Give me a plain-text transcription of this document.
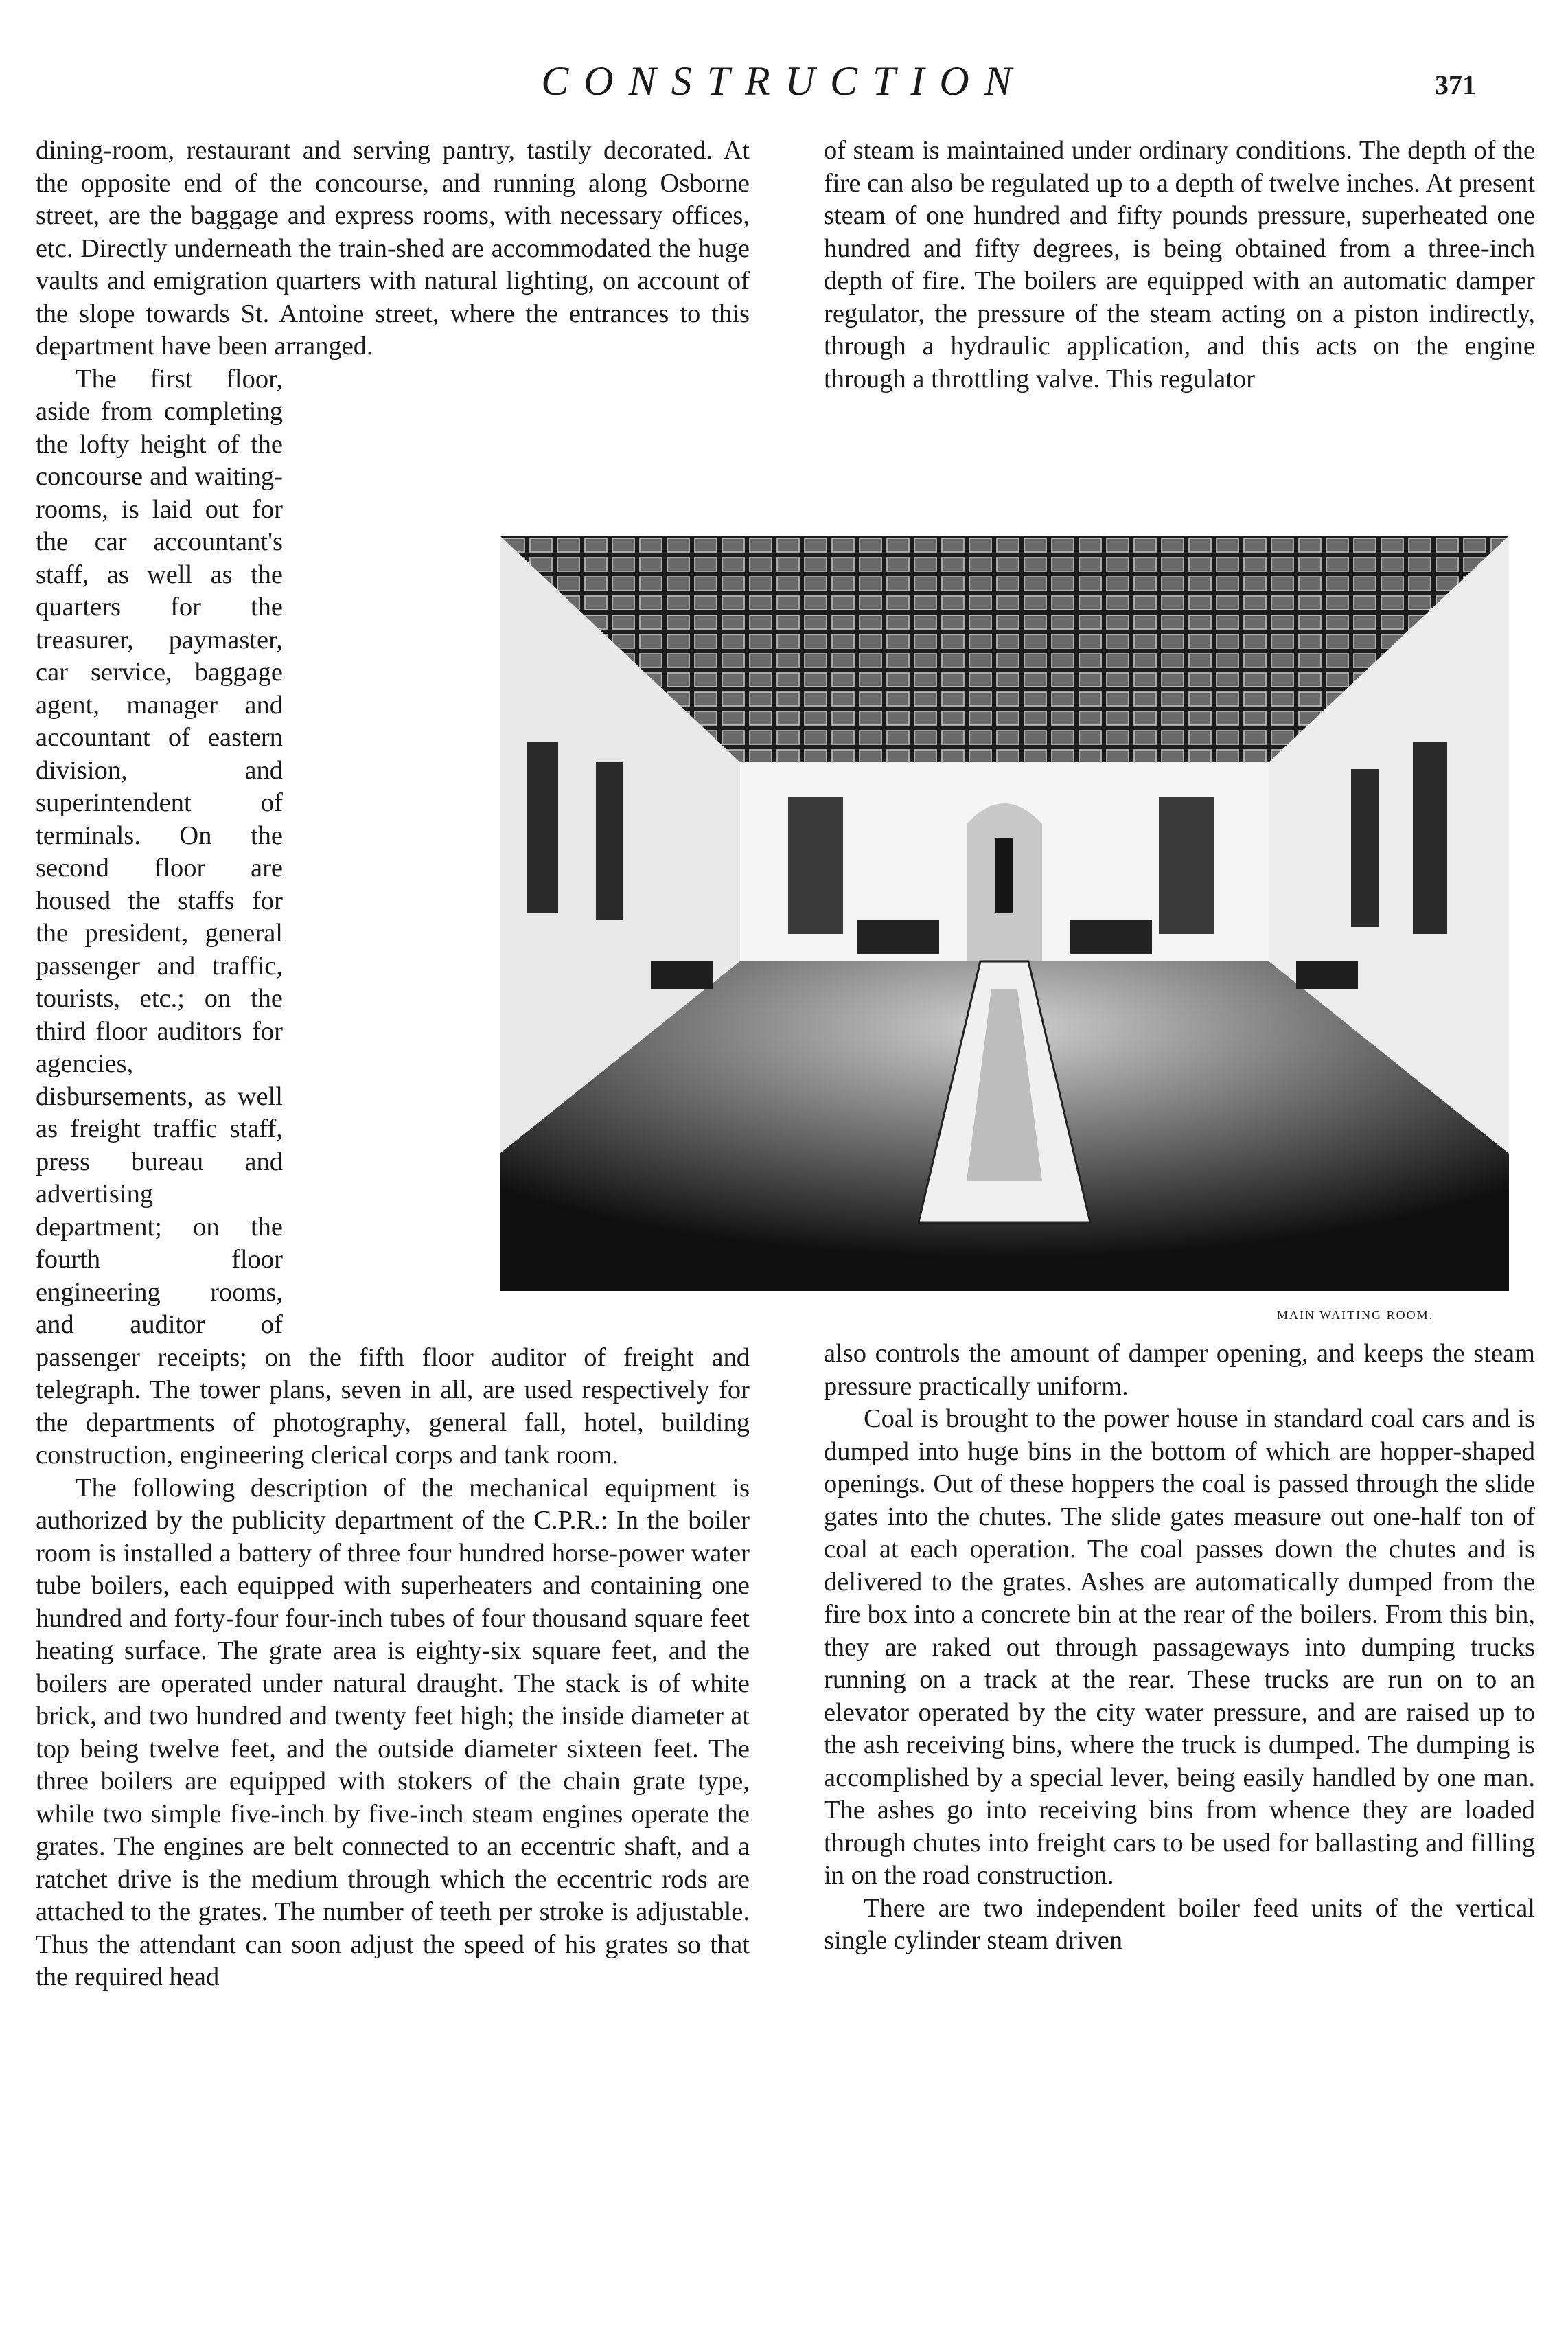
CONSTRUCTION	371

dining-room, restaurant and serving pantry, tastily decorated. At the opposite end of the concourse, and running along Osborne street, are the baggage and express rooms, with necessary offices, etc. Directly underneath the train-shed are accommodated the huge vaults and emigration quarters with natural lighting, on account of the slope towards St. Antoine street, where the entrances to this department have been arranged.

The first floor, aside from completing the lofty height of the concourse and waiting-rooms, is laid out for the car accountant's staff, as well as the quarters for the treasurer, paymaster, car service, baggage agent, manager and accountant of eastern division, and superintendent of terminals. On the second floor are housed the staffs for the president, general passenger and traffic, tourists, etc.; on the third floor auditors for agencies, disbursements, as well as freight traffic staff, press bureau and advertising department; on the fourth floor engineering rooms, and auditor of passenger receipts; on the fifth floor auditor of freight and telegraph. The tower plans, seven in all, are used respectively for the departments of photography, general fall, hotel, building construction, engineering clerical corps and tank room.

The following description of the mechanical equipment is authorized by the publicity department of the C.P.R.: In the boiler room is installed a battery of three four hundred horse-power water tube boilers, each equipped with superheaters and containing one hundred and forty-four four-inch tubes of four thousand square feet heating surface. The grate area is eighty-six square feet, and the boilers are operated under natural draught. The stack is of white brick, and two hundred and twenty feet high; the inside diameter at top being twelve feet, and the outside diameter sixteen feet. The three boilers are equipped with stokers of the chain grate type, while two simple five-inch by five-inch steam engines operate the grates. The engines are belt connected to an eccentric shaft, and a ratchet drive is the medium through which the eccentric rods are attached to the grates. The number of teeth per stroke is adjustable. Thus the attendant can soon adjust the speed of his grates so that the required head

of steam is maintained under ordinary conditions. The depth of the fire can also be regulated up to a depth of twelve inches. At present steam of one hundred and fifty pounds pressure, superheated one hundred and fifty degrees, is being obtained from a three-inch depth of fire. The boilers are equipped with an automatic damper regulator, the pressure of the steam acting on a piston indirectly, through a hydraulic application, and this acts on the engine through a throttling valve. This regulator

MAIN WAITING ROOM.

also controls the amount of damper opening, and keeps the steam pressure practically uniform.

Coal is brought to the power house in standard coal cars and is dumped into huge bins in the bottom of which are hopper-shaped openings. Out of these hoppers the coal is passed through the slide gates into the chutes. The slide gates measure out one-half ton of coal at each operation. The coal passes down the chutes and is delivered to the grates. Ashes are automatically dumped from the fire box into a concrete bin at the rear of the boilers. From this bin, they are raked out through passageways into dumping trucks running on a track at the rear. These trucks are run on to an elevator operated by the city water pressure, and are raised up to the ash receiving bins, where the truck is dumped. The dumping is accomplished by a special lever, being easily handled by one man. The ashes go into receiving bins from whence they are loaded through chutes into freight cars to be used for ballasting and filling in on the road construction.

There are two independent boiler feed units of the vertical single cylinder steam driven
